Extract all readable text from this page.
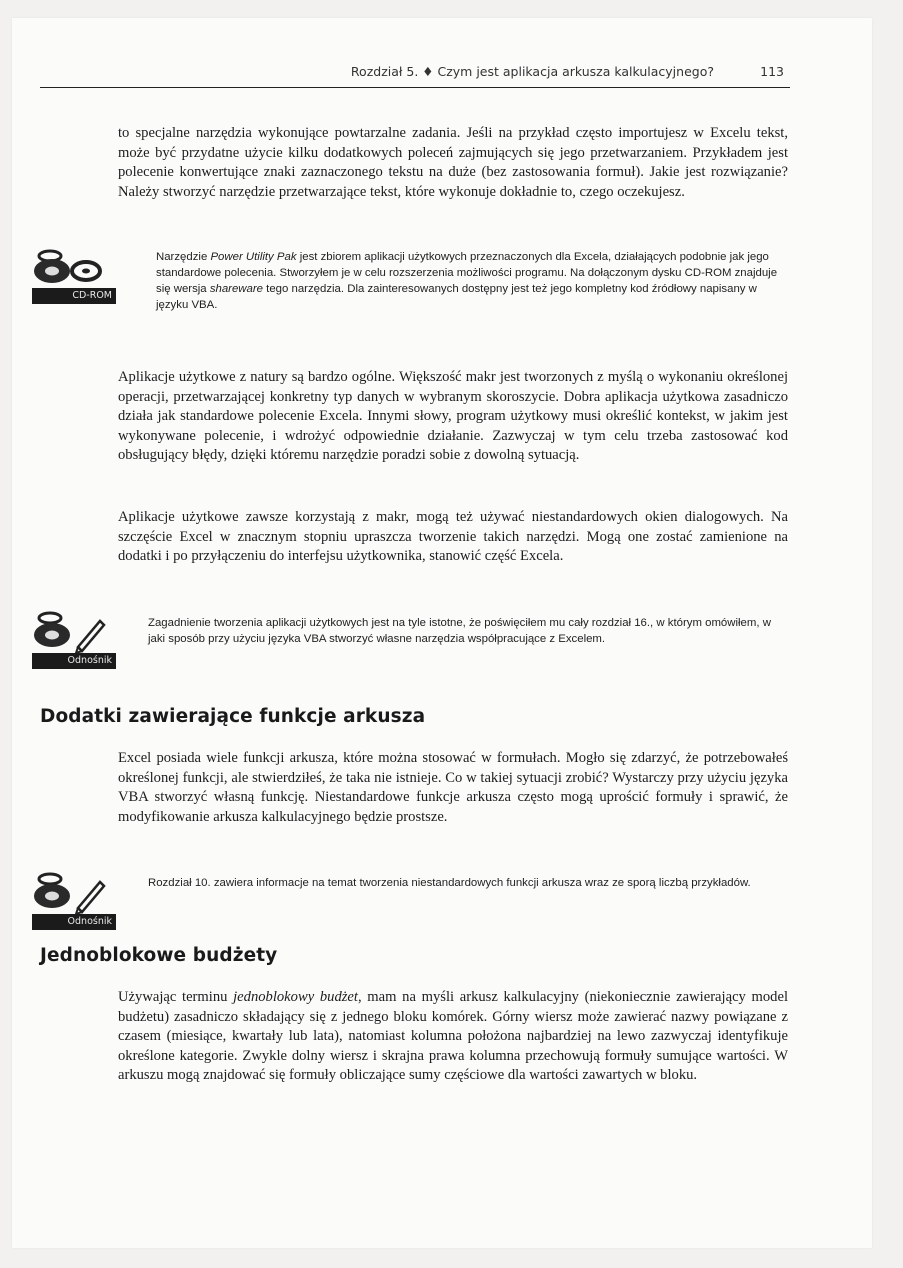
Rozdział 5. ♦ Czym jest aplikacja arkusza kalkulacyjnego?	113

to specjalne narzędzia wykonujące powtarzalne zadania. Jeśli na przykład często importujesz w Excelu tekst, może być przydatne użycie kilku dodatkowych poleceń zajmujących się jego przetwarzaniem. Przykładem jest polecenie konwertujące znaki zaznaczonego tekstu na duże (bez zastosowania formuł). Jakie jest rozwiązanie? Należy stworzyć narzędzie przetwarzające tekst, które wykonuje dokładnie to, czego oczekujesz.

CD-ROM

Narzędzie Power Utility Pak jest zbiorem aplikacji użytkowych przeznaczonych dla Excela, działających podobnie jak jego standardowe polecenia. Stworzyłem je w celu rozszerzenia możliwości programu. Na dołączonym dysku CD-ROM znajduje się wersja shareware tego narzędzia. Dla zainteresowanych dostępny jest też jego kompletny kod źródłowy napisany w języku VBA.

Aplikacje użytkowe z natury są bardzo ogólne. Większość makr jest tworzonych z myślą o wykonaniu określonej operacji, przetwarzającej konkretny typ danych w wybranym skoroszycie. Dobra aplikacja użytkowa zasadniczo działa jak standardowe polecenie Excela. Innymi słowy, program użytkowy musi określić kontekst, w jakim jest wykonywane polecenie, i wdrożyć odpowiednie działanie. Zazwyczaj w tym celu trzeba zastosować kod obsługujący błędy, dzięki któremu narzędzie poradzi sobie z dowolną sytuacją.

Aplikacje użytkowe zawsze korzystają z makr, mogą też używać niestandardowych okien dialogowych. Na szczęście Excel w znacznym stopniu upraszcza tworzenie takich narzędzi. Mogą one zostać zamienione na dodatki i po przyłączeniu do interfejsu użytkownika, stanowić część Excela.

Odnośnik

Zagadnienie tworzenia aplikacji użytkowych jest na tyle istotne, że poświęciłem mu cały rozdział 16., w którym omówiłem, w jaki sposób przy użyciu języka VBA stworzyć własne narzędzia współpracujące z Excelem.

Dodatki zawierające funkcje arkusza

Excel posiada wiele funkcji arkusza, które można stosować w formułach. Mogło się zdarzyć, że potrzebowałeś określonej funkcji, ale stwierdziłeś, że taka nie istnieje. Co w takiej sytuacji zrobić? Wystarczy przy użyciu języka VBA stworzyć własną funkcję. Niestandardowe funkcje arkusza często mogą uprościć formuły i sprawić, że modyfikowanie arkusza kalkulacyjnego będzie prostsze.

Odnośnik

Rozdział 10. zawiera informacje na temat tworzenia niestandardowych funkcji arkusza wraz ze sporą liczbą przykładów.

Jednoblokowe budżety

Używając terminu jednoblokowy budżet, mam na myśli arkusz kalkulacyjny (niekoniecznie zawierający model budżetu) zasadniczo składający się z jednego bloku komórek. Górny wiersz może zawierać nazwy powiązane z czasem (miesiące, kwartały lub lata), natomiast kolumna położona najbardziej na lewo zazwyczaj identyfikuje określone kategorie. Zwykle dolny wiersz i skrajna prawa kolumna przechowują formuły sumujące wartości. W arkuszu mogą znajdować się formuły obliczające sumy częściowe dla wartości zawartych w bloku.
